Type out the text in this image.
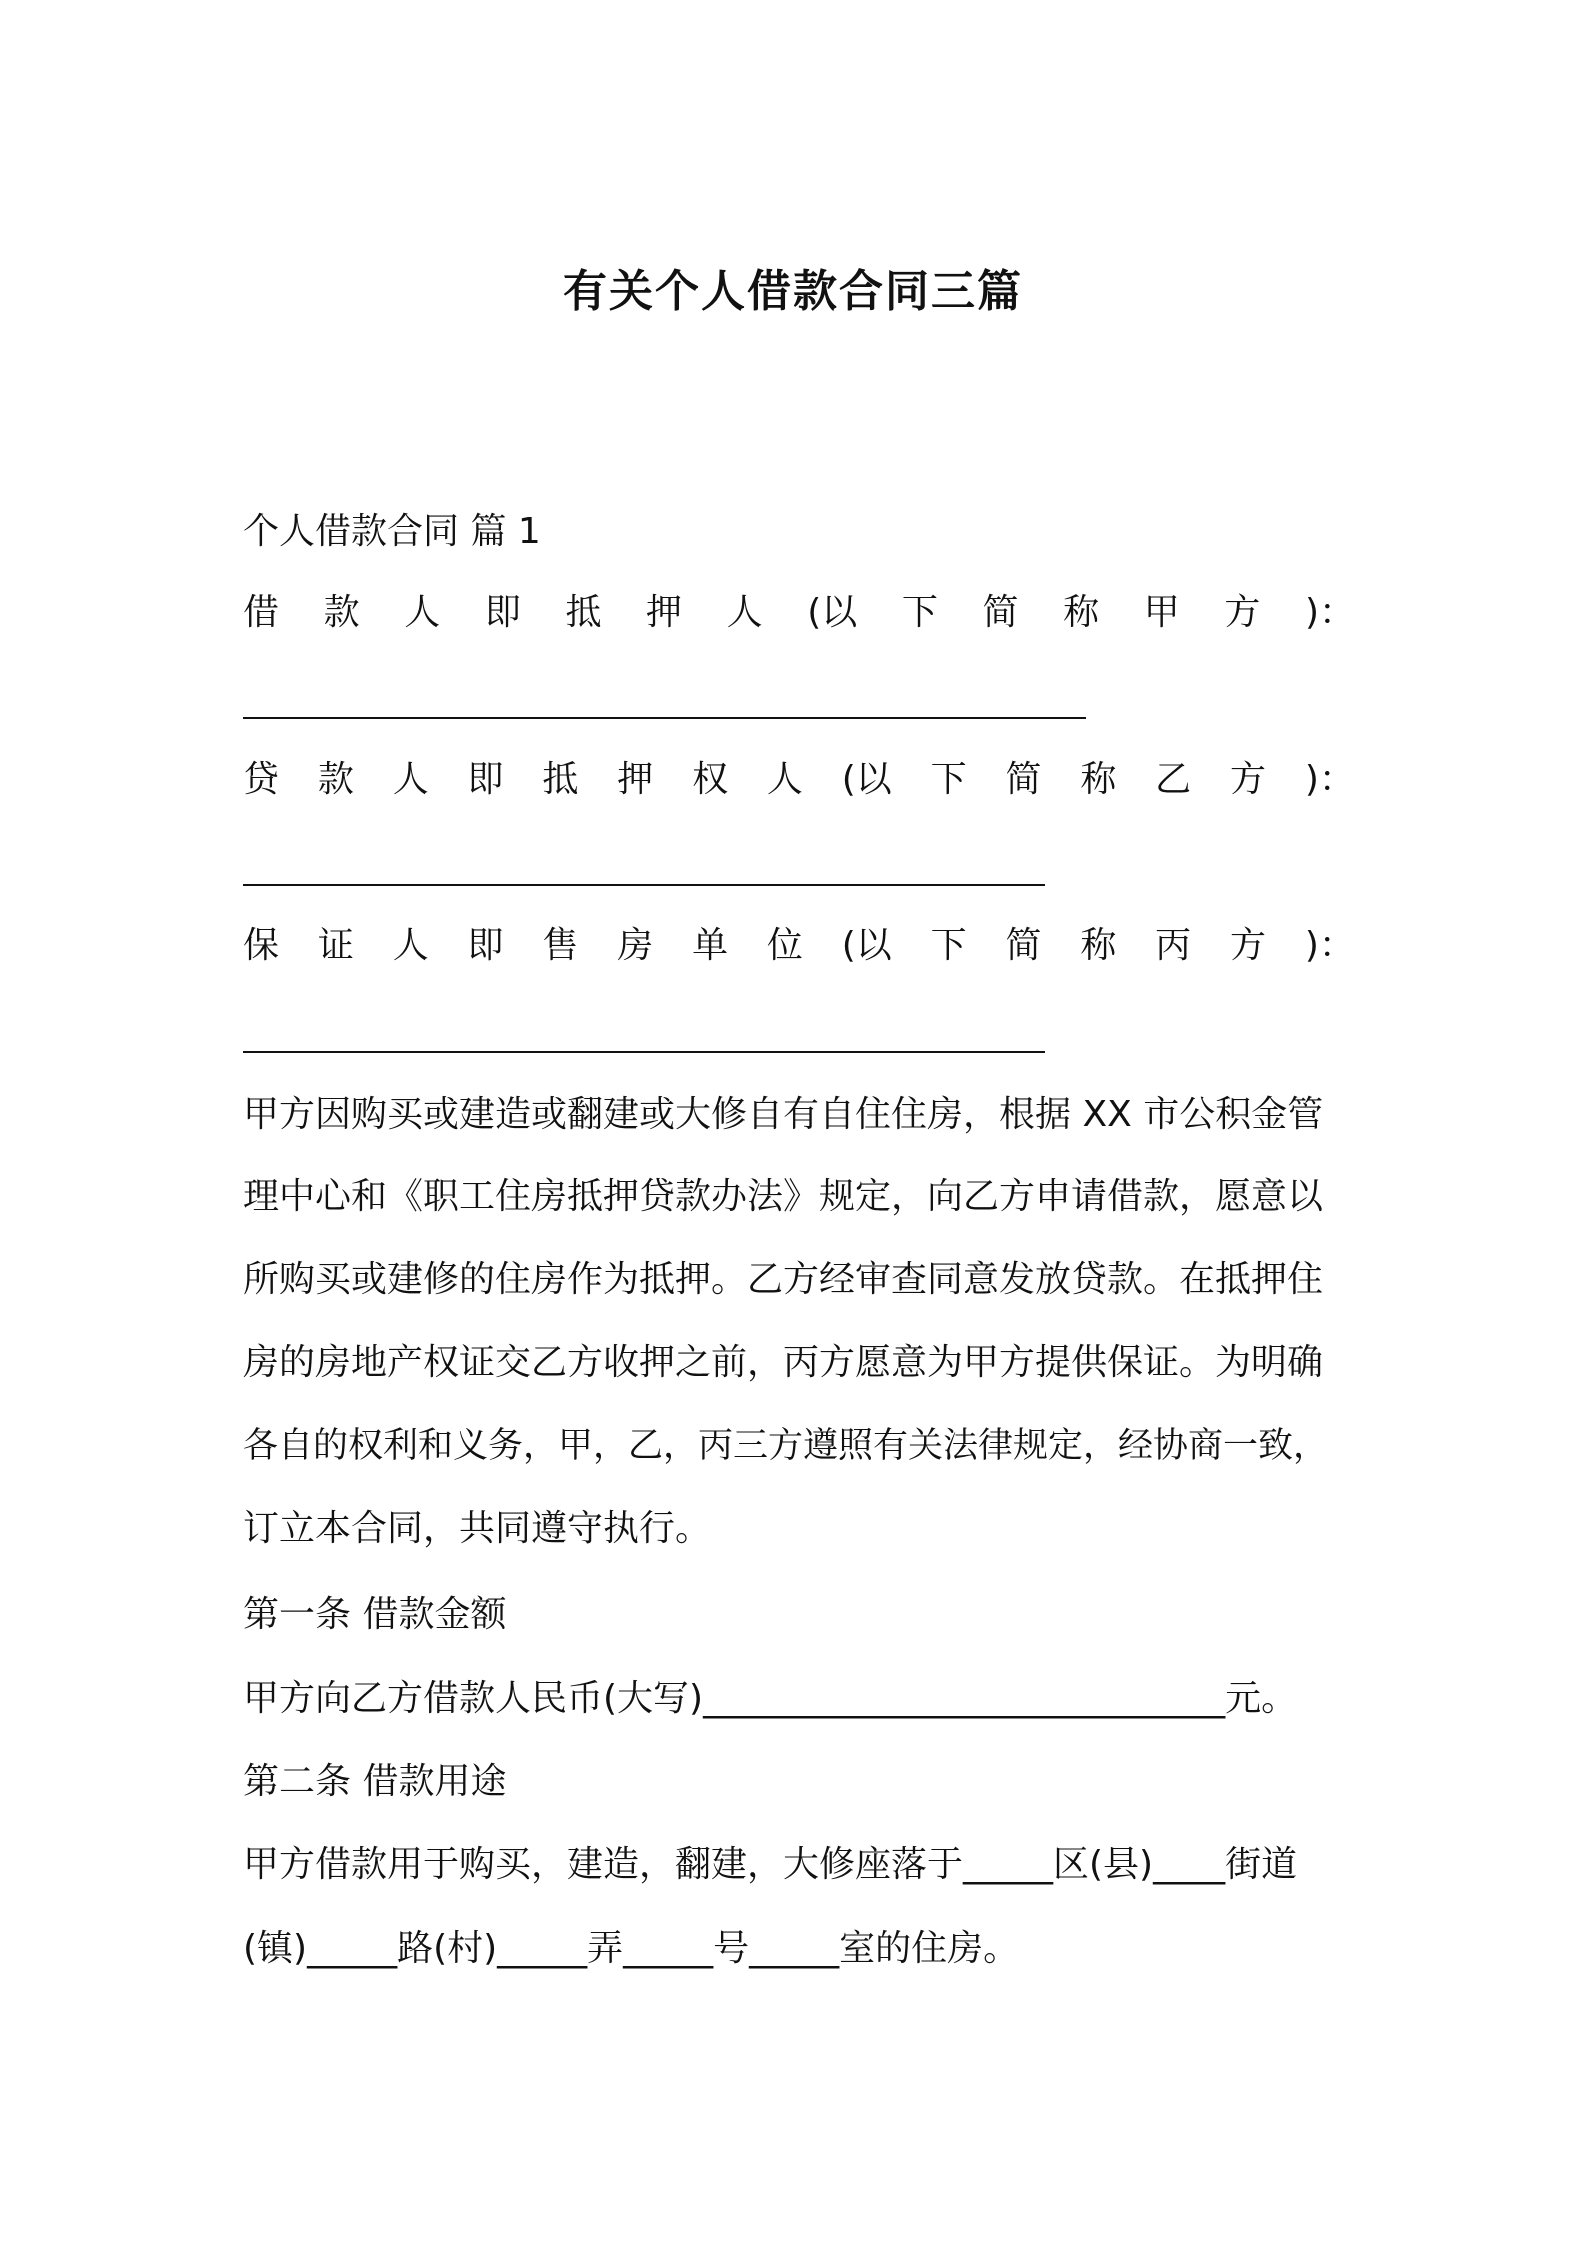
有关个人借款合同三篇
个人借款合同 篇 1
借 款 人 即 抵 押 人 (以 下 简 称 甲 方 )：
贷 款 人 即 抵 押 权 人 (以 下 简 称 乙 方 )：
保 证 人 即 售 房 单 位 (以 下 简 称 丙 方 )：
甲方因购买或建造或翻建或大修自有自住住房，根据 XX 市公积金管
理中心和《职工住房抵押贷款办法》规定，向乙方申请借款，愿意以
所购买或建修的住房作为抵押。乙方经审查同意发放贷款。在抵押住
房的房地产权证交乙方收押之前，丙方愿意为甲方提供保证。为明确
各自的权利和义务，甲，乙，丙三方遵照有关法律规定，经协商一致，
订立本合同，共同遵守执行。
第一条 借款金额
甲方向乙方借款人民币(大写)_____________________________元。
第二条 借款用途
甲方借款用于购买，建造，翻建，大修座落于_____区(县)____街道
(镇)_____路(村)_____弄_____号_____室的住房。
